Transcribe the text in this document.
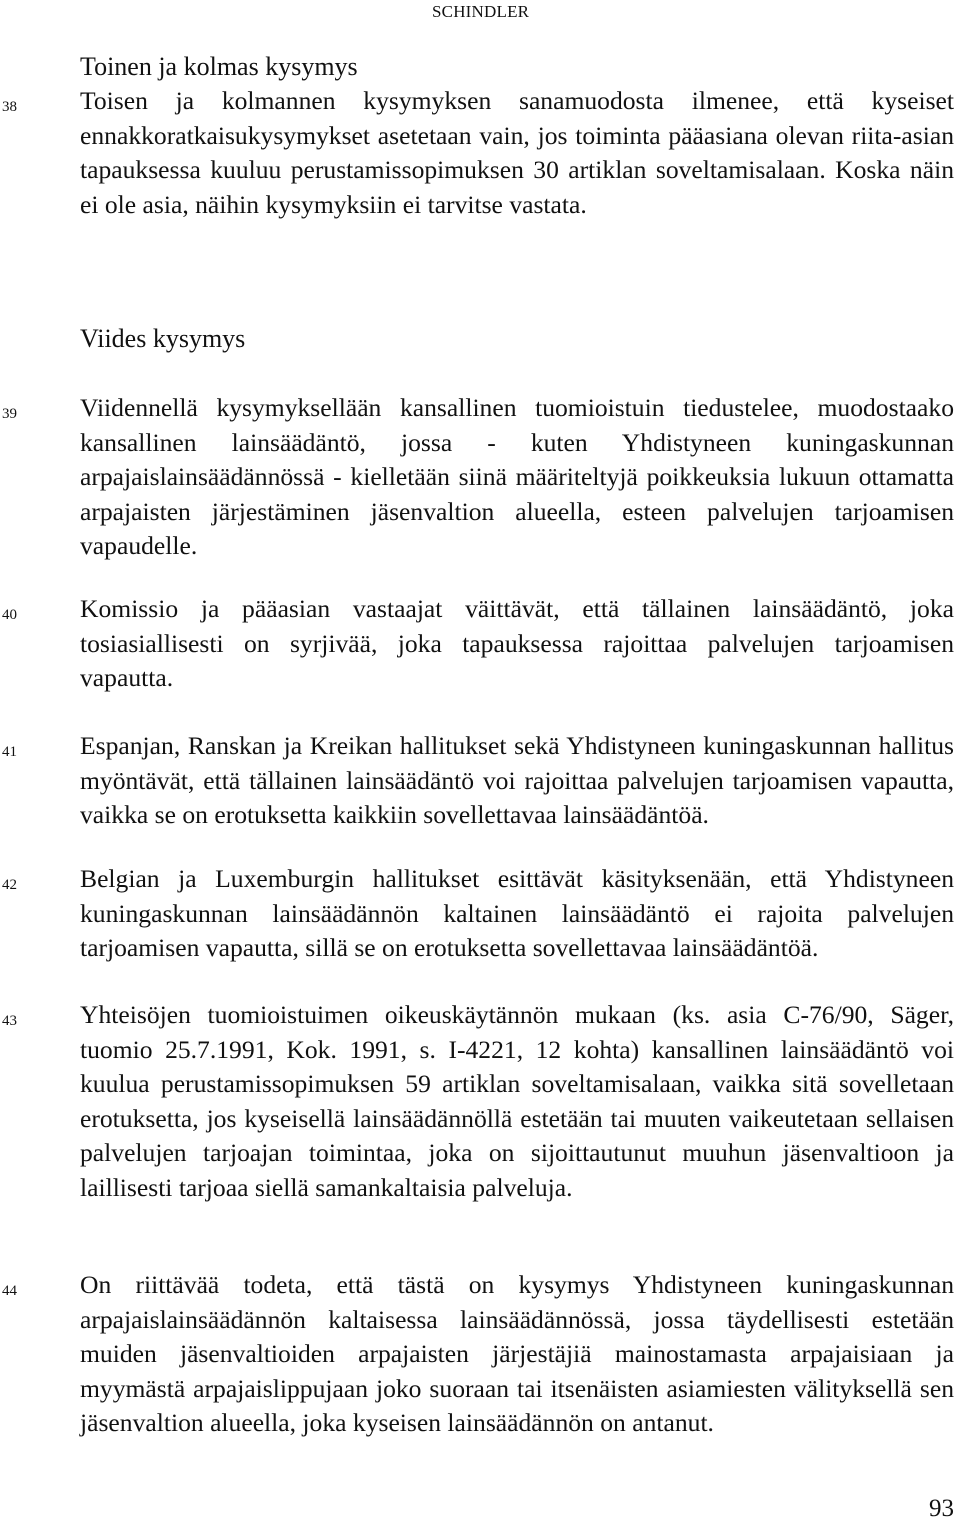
SCHINDLER
Toinen ja kolmas kysymys
38 Toisen ja kolmannen kysymyksen sanamuodosta ilmenee, että kyseiset ennakkoratkaisukysymykset asetetaan vain, jos toiminta pääasiana olevan riita-asian tapauksessa kuuluu perustamissopimuksen 30 artiklan soveltamisalaan. Koska näin ei ole asia, näihin kysymyksiin ei tarvitse vastata.

Viides kysymys
39 Viidennellä kysymyksellään kansallinen tuomioistuin tiedustelee, muodostaako kansallinen lainsäädäntö, jossa - kuten Yhdistyneen kuningaskunnan arpajaislainsäädännössä - kielletään siinä määriteltyjä poikkeuksia lukuun ottamatta arpajaisten järjestäminen jäsenvaltion alueella, esteen palvelujen tarjoamisen vapaudelle.

40 Komissio ja pääasian vastaajat väittävät, että tällainen lainsäädäntö, joka tosiasiallisesti on syrjivää, joka tapauksessa rajoittaa palvelujen tarjoamisen vapautta.

41 Espanjan, Ranskan ja Kreikan hallitukset sekä Yhdistyneen kuningaskunnan hallitus myöntävät, että tällainen lainsäädäntö voi rajoittaa palvelujen tarjoamisen vapautta, vaikka se on erotuksetta kaikkiin sovellettavaa lainsäädäntöä.

42 Belgian ja Luxemburgin hallitukset esittävät käsityksenään, että Yhdistyneen kuningaskunnan lainsäädännön kaltainen lainsäädäntö ei rajoita palvelujen tarjoamisen vapautta, sillä se on erotuksetta sovellettavaa lainsäädäntöä.

43 Yhteisöjen tuomioistuimen oikeuskäytännön mukaan (ks. asia C-76/90, Säger, tuomio 25.7.1991, Kok. 1991, s. I-4221, 12 kohta) kansallinen lainsäädäntö voi kuulua perustamissopimuksen 59 artiklan soveltamisalaan, vaikka sitä sovelletaan erotuksetta, jos kyseisellä lainsäädännöllä estetään tai muuten vaikeutetaan sellaisen palvelujen tarjoajan toimintaa, joka on sijoittautunut muuhun jäsenvaltioon ja laillisesti tarjoaa siellä samankaltaisia palveluja.

44 On riittävää todeta, että tästä on kysymys Yhdistyneen kuningaskunnan arpajaislainsäädännön kaltaisessa lainsäädännössä, jossa täydellisesti estetään muiden jäsenvaltioiden arpajaisten järjestäjiä mainostamasta arpajaisiaan ja myymästä arpajaislippujaan joko suoraan tai itsenäisten asiamiesten välityksellä sen jäsenvaltion alueella, joka kyseisen lainsäädännön on antanut.

93
